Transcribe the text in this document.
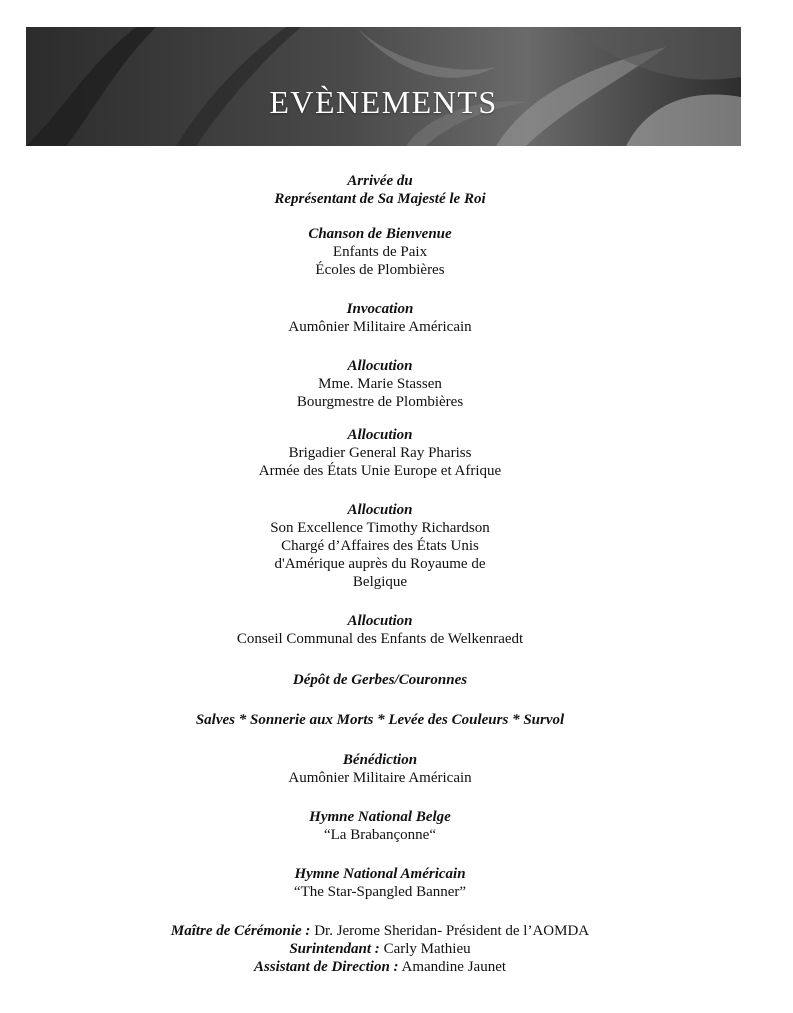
EVÈNEMENTS
Arrivée du
Représentant de Sa Majesté le Roi
Chanson de Bienvenue
Enfants de Paix
Écoles de Plombières
Invocation
Aumônier Militaire Américain
Allocution
Mme. Marie Stassen
Bourgmestre de Plombières
Allocution
Brigadier General Ray Phariss
Armée des États Unie Europe et Afrique
Allocution
Son Excellence Timothy Richardson
Chargé d’Affaires des États Unis
d'Amérique auprès du Royaume de
Belgique
Allocution
Conseil Communal des Enfants de Welkenraedt
Dépôt de Gerbes/Couronnes
Salves * Sonnerie aux Morts * Levée des Couleurs * Survol
Bénédiction
Aumônier Militaire Américain
Hymne National Belge
“La Brabançonne“
Hymne National Américain
“The Star-Spangled Banner”
Maître de Cérémonie : Dr. Jerome Sheridan- Président de l’AOMDA
Surintendant : Carly Mathieu
Assistant de Direction : Amandine Jaunet
